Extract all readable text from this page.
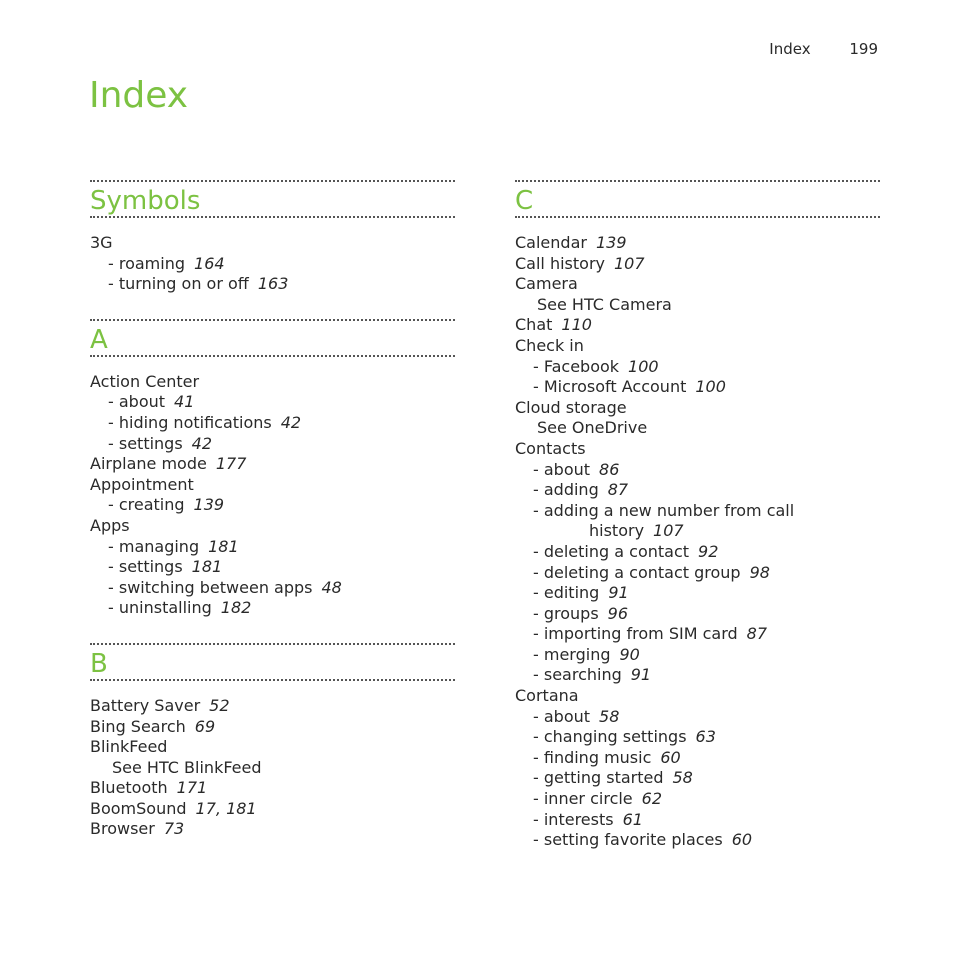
Index	199
Index
Symbols
3G
- roaming 164
- turning on or off 163
A
Action Center
- about 41
- hiding notifications 42
- settings 42
Airplane mode 177
Appointment
- creating 139
Apps
- managing 181
- settings 181
- switching between apps 48
- uninstalling 182
B
Battery Saver 52
Bing Search 69
BlinkFeed
See HTC BlinkFeed
Bluetooth 171
BoomSound 17, 181
Browser 73
C
Calendar 139
Call history 107
Camera
See HTC Camera
Chat 110
Check in
- Facebook 100
- Microsoft Account 100
Cloud storage
See OneDrive
Contacts
- about 86
- adding 87
- adding a new number from call
history 107
- deleting a contact 92
- deleting a contact group 98
- editing 91
- groups 96
- importing from SIM card 87
- merging 90
- searching 91
Cortana
- about 58
- changing settings 63
- finding music 60
- getting started 58
- inner circle 62
- interests 61
- setting favorite places 60
